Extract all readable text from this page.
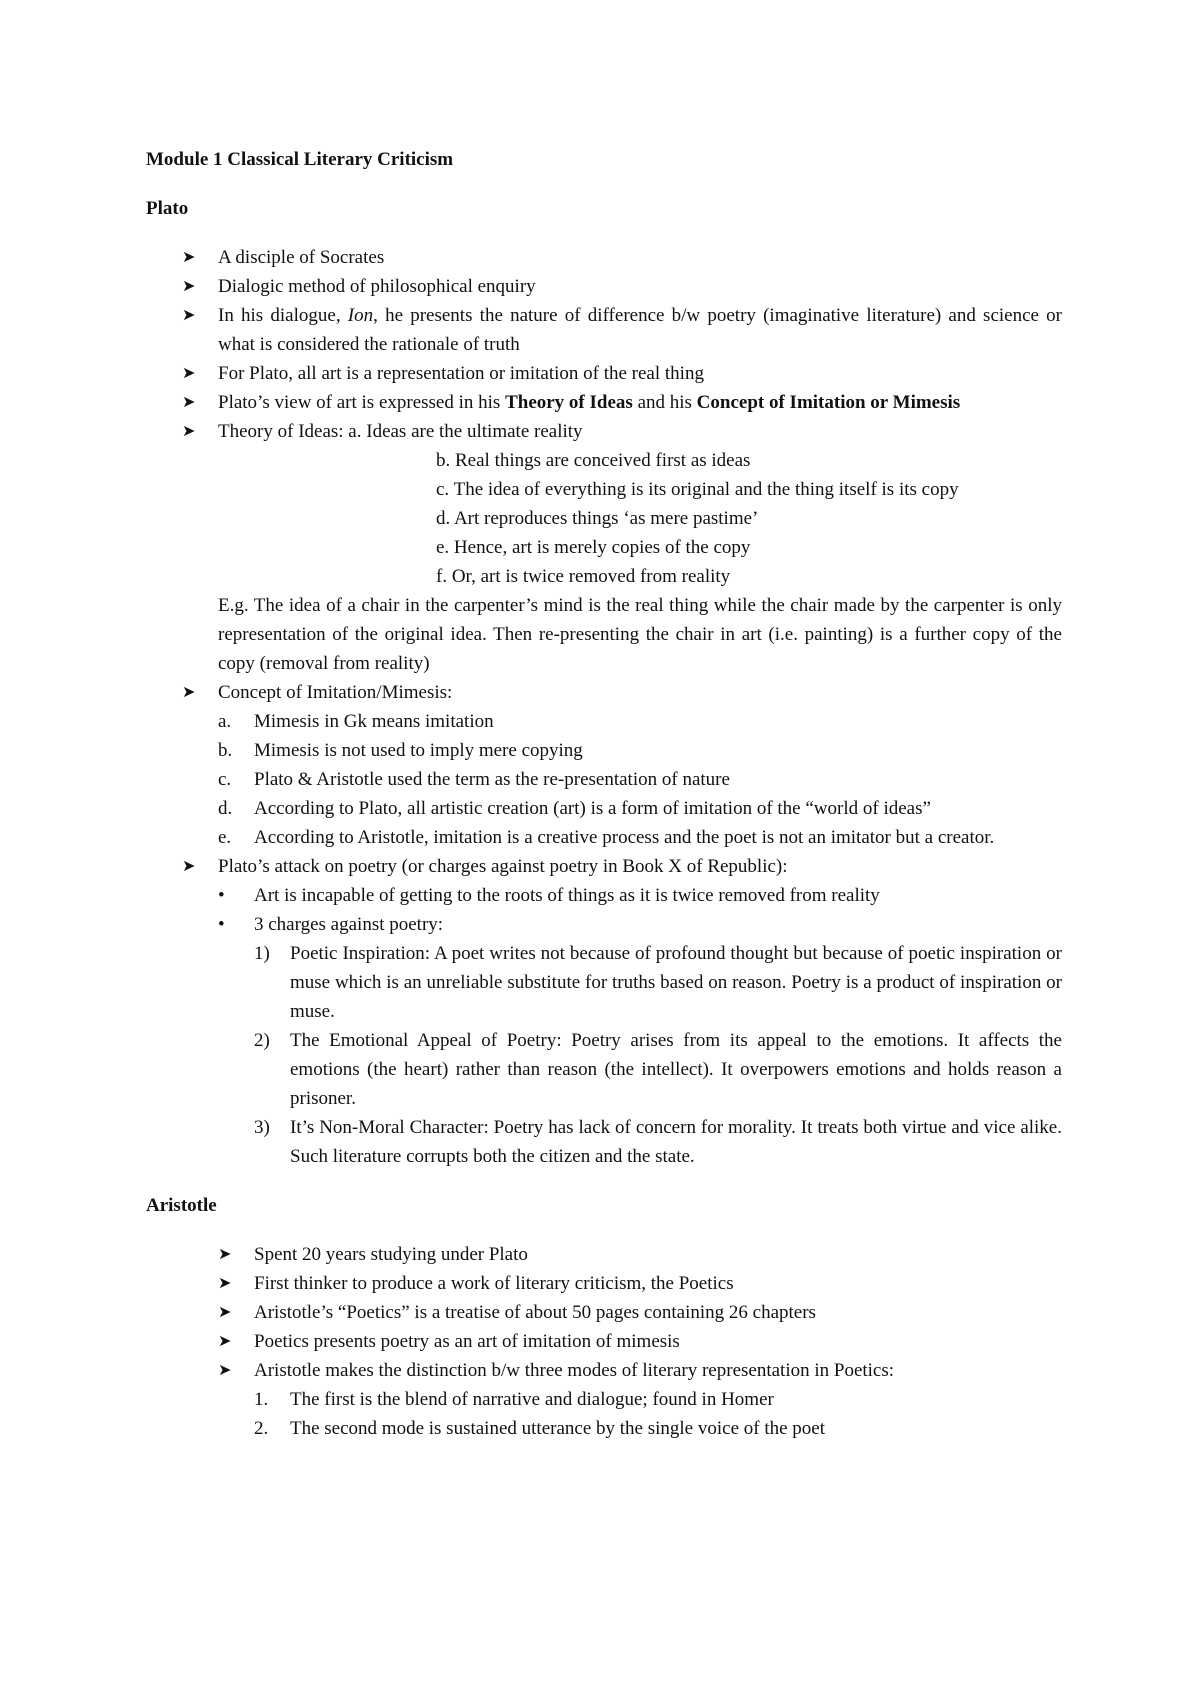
Module 1 Classical Literary Criticism

Plato

➤ A disciple of Socrates
➤ Dialogic method of philosophical enquiry
➤ In his dialogue, Ion, he presents the nature of difference b/w poetry (imaginative literature) and science or what is considered the rationale of truth
➤ For Plato, all art is a representation or imitation of the real thing
➤ Plato’s view of art is expressed in his Theory of Ideas and his Concept of Imitation or Mimesis
➤ Theory of Ideas: a. Ideas are the ultimate reality
b. Real things are conceived first as ideas
c. The idea of everything is its original and the thing itself is its copy
d. Art reproduces things ‘as mere pastime’
e. Hence, art is merely copies of the copy
f. Or, art is twice removed from reality
E.g. The idea of a chair in the carpenter’s mind is the real thing while the chair made by the carpenter is only representation of the original idea. Then re-presenting the chair in art (i.e. painting) is a further copy of the copy (removal from reality)
➤ Concept of Imitation/Mimesis:
a. Mimesis in Gk means imitation
b. Mimesis is not used to imply mere copying
c. Plato & Aristotle used the term as the re-presentation of nature
d. According to Plato, all artistic creation (art) is a form of imitation of the “world of ideas”
e. According to Aristotle, imitation is a creative process and the poet is not an imitator but a creator.
➤ Plato’s attack on poetry (or charges against poetry in Book X of Republic):
• Art is incapable of getting to the roots of things as it is twice removed from reality
• 3 charges against poetry:
1) Poetic Inspiration: A poet writes not because of profound thought but because of poetic inspiration or muse which is an unreliable substitute for truths based on reason. Poetry is a product of inspiration or muse.
2) The Emotional Appeal of Poetry: Poetry arises from its appeal to the emotions. It affects the emotions (the heart) rather than reason (the intellect). It overpowers emotions and holds reason a prisoner.
3) It’s Non-Moral Character: Poetry has lack of concern for morality. It treats both virtue and vice alike. Such literature corrupts both the citizen and the state.

Aristotle

➤ Spent 20 years studying under Plato
➤ First thinker to produce a work of literary criticism, the Poetics
➤ Aristotle’s “Poetics” is a treatise of about 50 pages containing 26 chapters
➤ Poetics presents poetry as an art of imitation of mimesis
➤ Aristotle makes the distinction b/w three modes of literary representation in Poetics:
1. The first is the blend of narrative and dialogue; found in Homer
2. The second mode is sustained utterance by the single voice of the poet
